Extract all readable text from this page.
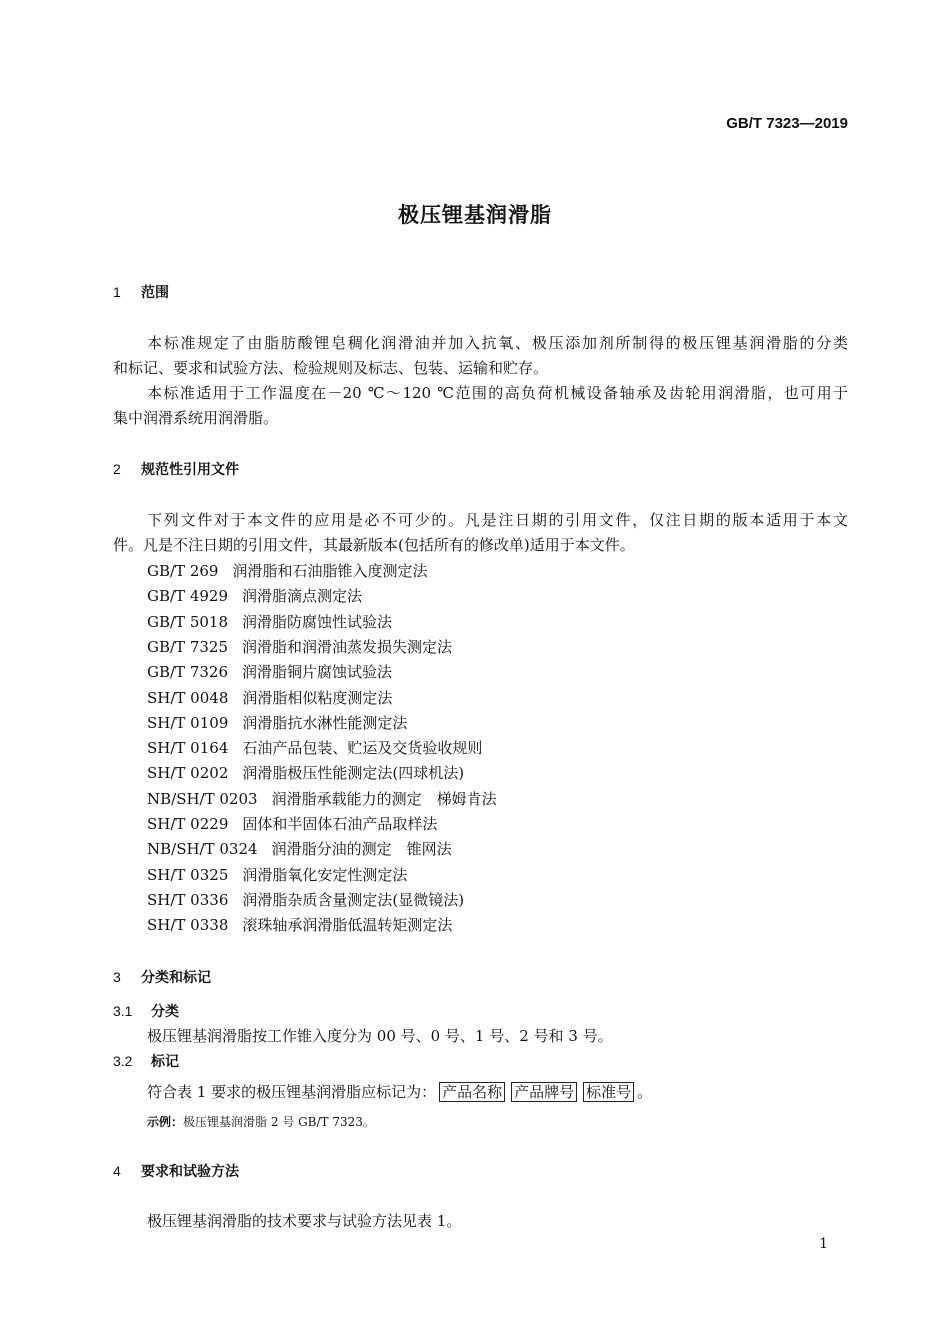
GB/T 7323—2019
极压锂基润滑脂
1 范围
本标准规定了由脂肪酸锂皂稠化润滑油并加入抗氧、极压添加剂所制得的极压锂基润滑脂的分类
和标记、要求和试验方法、检验规则及标志、包装、运输和贮存。
本标准适用于工作温度在－20 ℃～120 ℃范围的高负荷机械设备轴承及齿轮用润滑脂，也可用于
集中润滑系统用润滑脂。
2 规范性引用文件
下列文件对于本文件的应用是必不可少的。凡是注日期的引用文件，仅注日期的版本适用于本文
件。凡是不注日期的引用文件，其最新版本(包括所有的修改单)适用于本文件。
GB/T 269 润滑脂和石油脂锥入度测定法
GB/T 4929 润滑脂滴点测定法
GB/T 5018 润滑脂防腐蚀性试验法
GB/T 7325 润滑脂和润滑油蒸发损失测定法
GB/T 7326 润滑脂铜片腐蚀试验法
SH/T 0048 润滑脂相似粘度测定法
SH/T 0109 润滑脂抗水淋性能测定法
SH/T 0164 石油产品包装、贮运及交货验收规则
SH/T 0202 润滑脂极压性能测定法(四球机法)
NB/SH/T 0203 润滑脂承载能力的测定　梯姆肯法
SH/T 0229 固体和半固体石油产品取样法
NB/SH/T 0324 润滑脂分油的测定　锥网法
SH/T 0325 润滑脂氧化安定性测定法
SH/T 0336 润滑脂杂质含量测定法(显微镜法)
SH/T 0338 滚珠轴承润滑脂低温转矩测定法
3 分类和标记
3.1 分类
极压锂基润滑脂按工作锥入度分为 00 号、0 号、1 号、2 号和 3 号。
3.2 标记
符合表 1 要求的极压锂基润滑脂应标记为： 产品名称 产品牌号 标准号 。
示例：极压锂基润滑脂 2 号 GB/T 7323。
4 要求和试验方法
极压锂基润滑脂的技术要求与试验方法见表 1。
1
